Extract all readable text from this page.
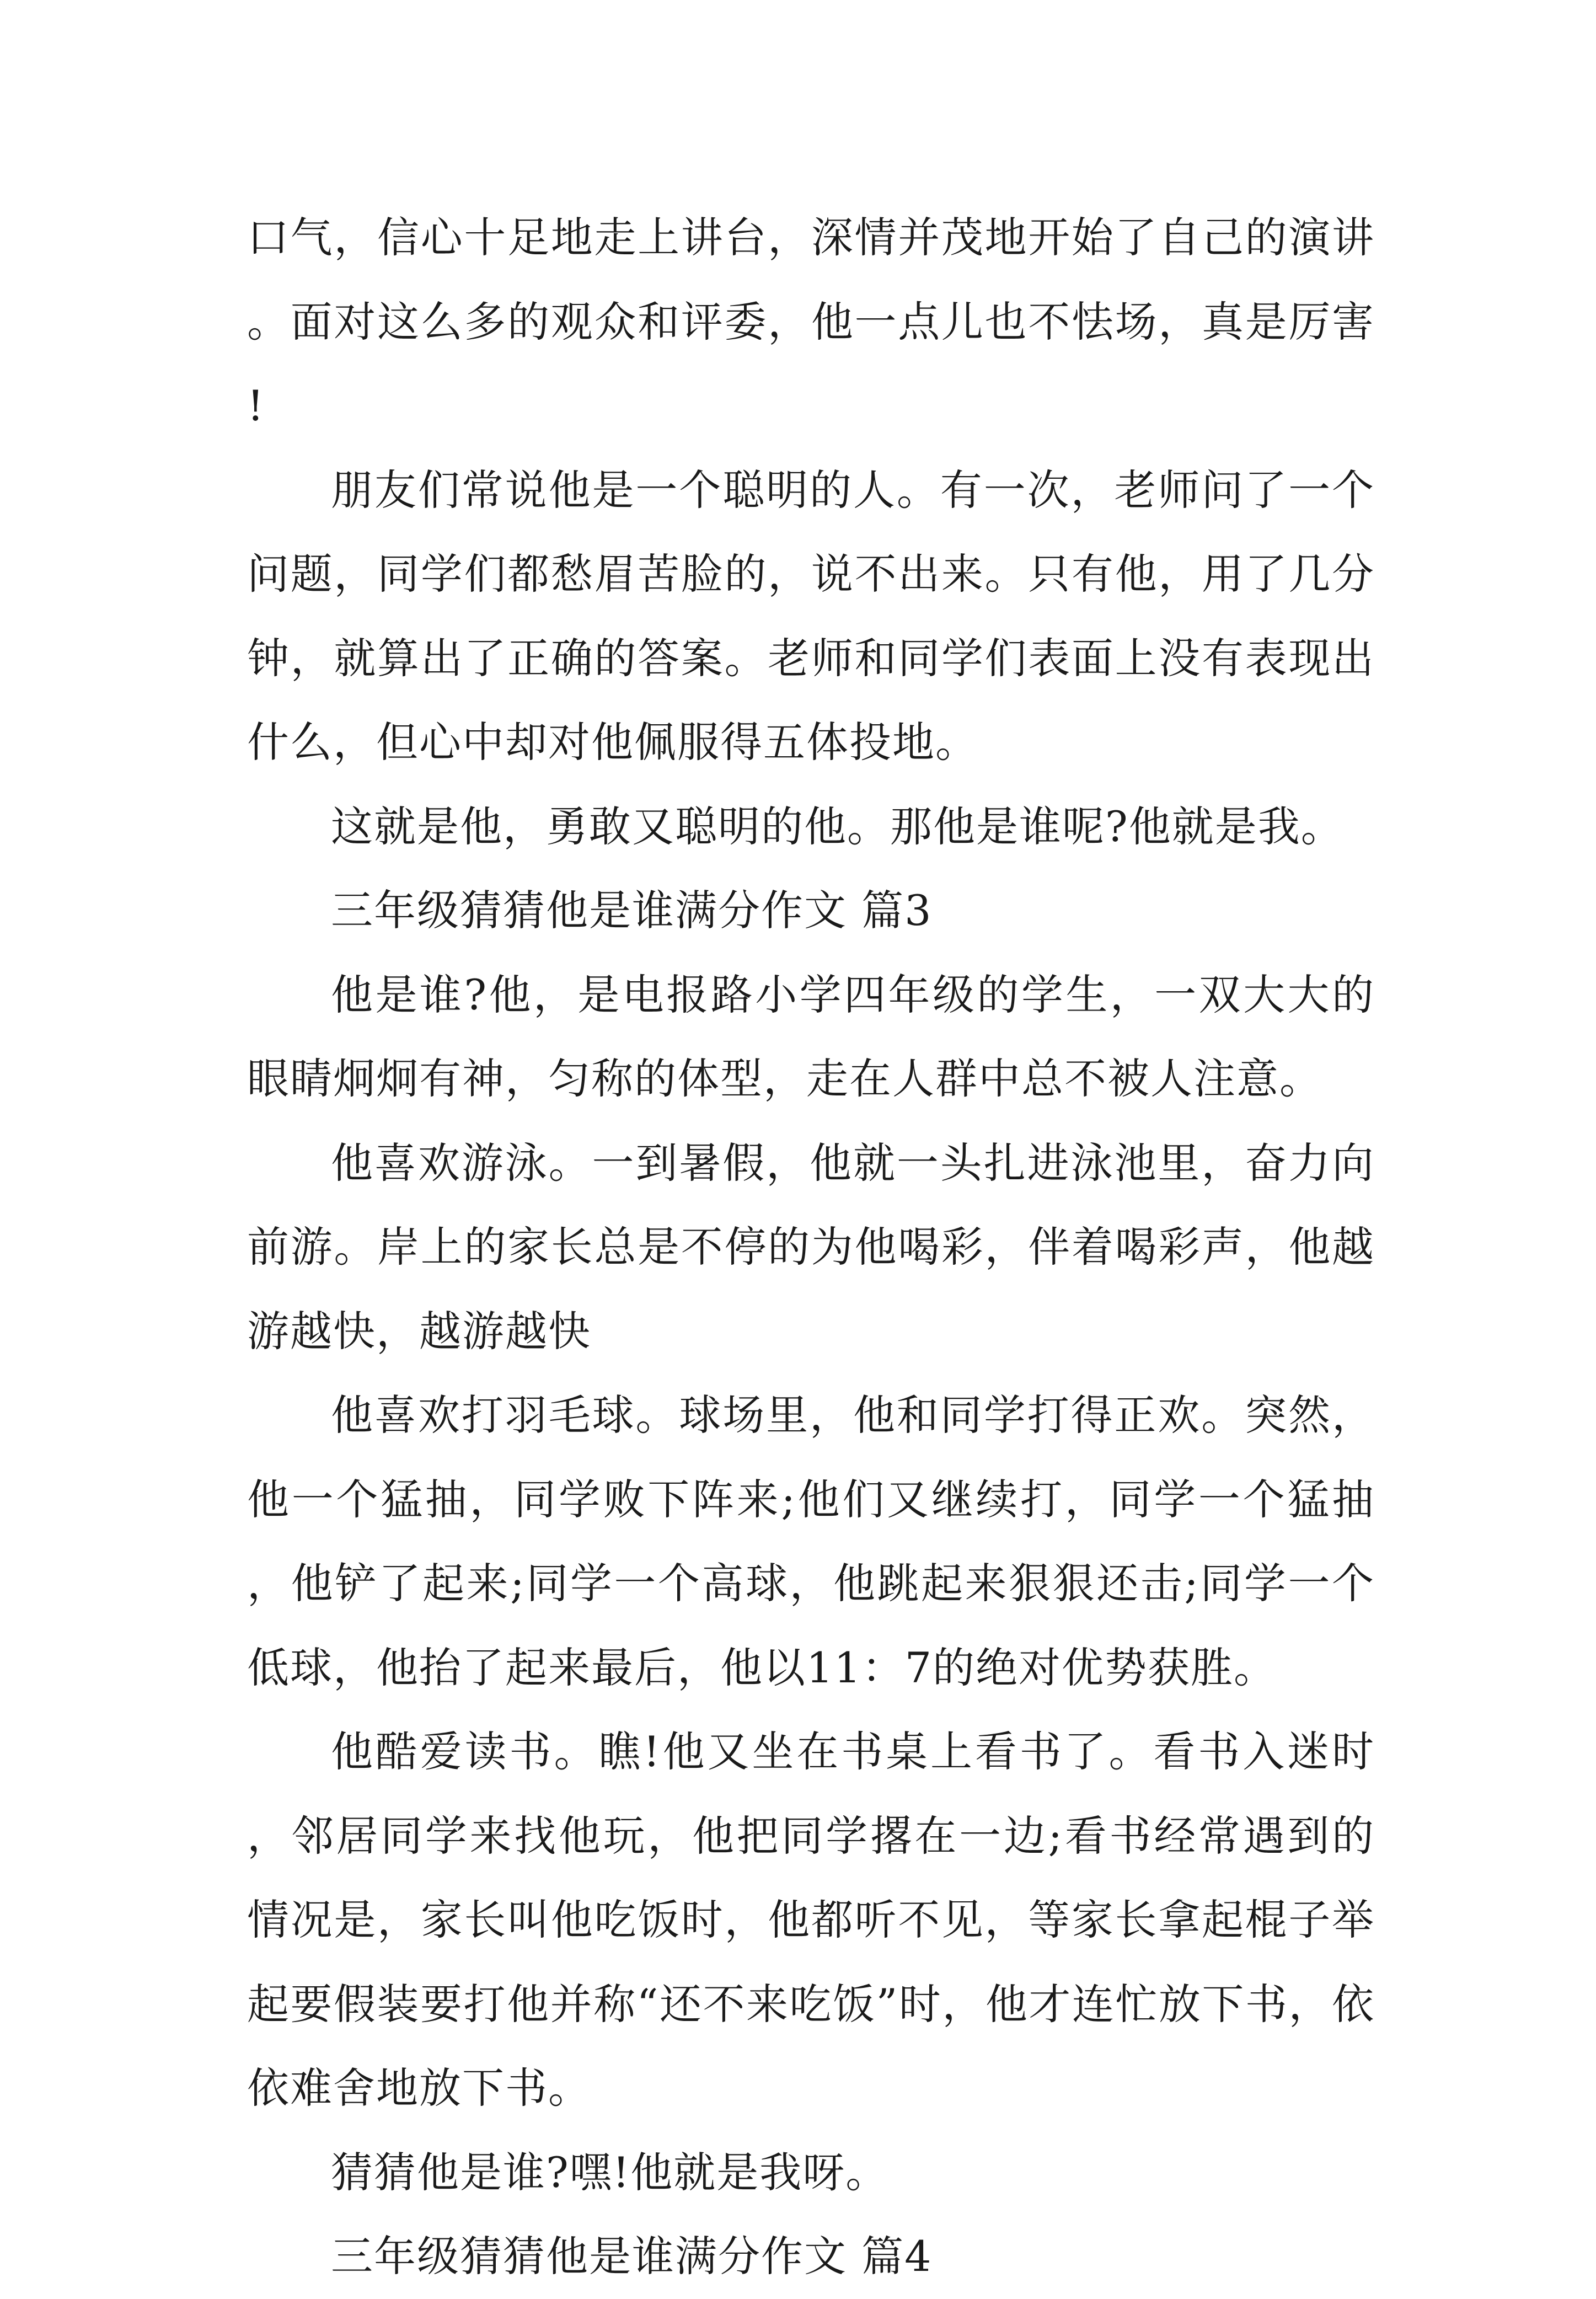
口气，信心十足地走上讲台，深情并茂地开始了自己的演讲。面对这么多的观众和评委，他一点儿也不怯场，真是厉害!

朋友们常说他是一个聪明的人。有一次，老师问了一个问题，同学们都愁眉苦脸的，说不出来。只有他，用了几分钟，就算出了正确的答案。老师和同学们表面上没有表现出什么，但心中却对他佩服得五体投地。

这就是他，勇敢又聪明的他。那他是谁呢?他就是我。

三年级猜猜他是谁满分作文 篇3

他是谁?他，是电报路小学四年级的学生，一双大大的眼睛炯炯有神，匀称的体型，走在人群中总不被人注意。

他喜欢游泳。一到暑假，他就一头扎进泳池里，奋力向前游。岸上的家长总是不停的为他喝彩，伴着喝彩声，他越游越快，越游越快

他喜欢打羽毛球。球场里，他和同学打得正欢。突然，他一个猛抽，同学败下阵来;他们又继续打，同学一个猛抽，他铲了起来;同学一个高球，他跳起来狠狠还击;同学一个低球，他抬了起来最后，他以11：7的绝对优势获胜。

他酷爱读书。瞧!他又坐在书桌上看书了。看书入迷时，邻居同学来找他玩，他把同学撂在一边;看书经常遇到的情况是，家长叫他吃饭时，他都听不见，等家长拿起棍子举起要假装要打他并称“还不来吃饭”时，他才连忙放下书，依依难舍地放下书。

猜猜他是谁?嘿!他就是我呀。

三年级猜猜他是谁满分作文 篇4
